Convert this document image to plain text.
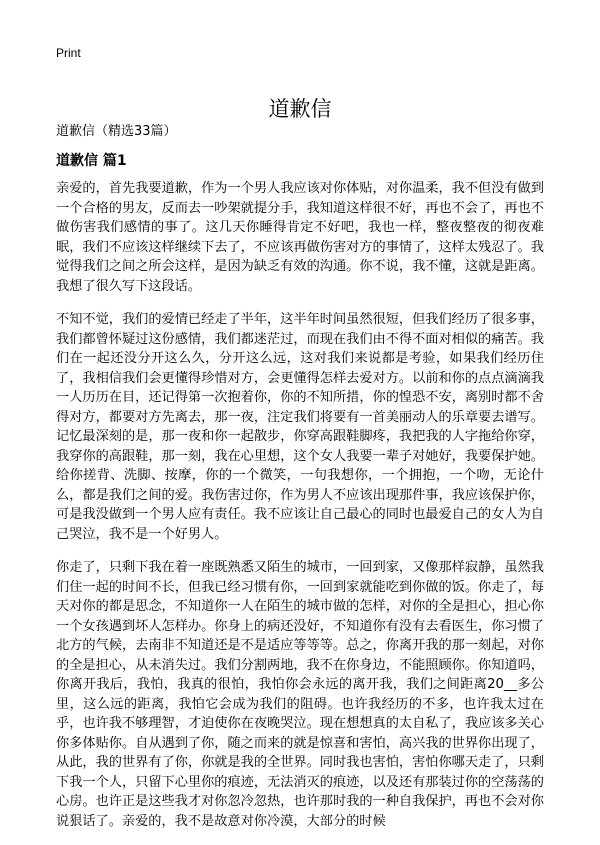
Print
道歉信
道歉信（精选33篇）
道歉信 篇1

亲爱的，首先我要道歉，作为一个男人我应该对你体贴，对你温柔，我不但没有做到一个合格的男友，反而去一吵架就提分手，我知道这样很不好，再也不会了，再也不做伤害我们感情的事了。这几天你睡得肯定不好吧，我也一样，整夜整夜的彻夜难眠，我们不应该这样继续下去了，不应该再做伤害对方的事情了，这样太残忍了。我觉得我们之间之所会这样，是因为缺乏有效的沟通。你不说，我不懂，这就是距离。我想了很久写下这段话。

不知不觉，我们的爱情已经走了半年，这半年时间虽然很短，但我们经历了很多事，我们都曾怀疑过这份感情，我们都迷茫过，而现在我们由不得不面对相似的痛苦。我们在一起还没分开这么久，分开这么远，这对我们来说都是考验，如果我们经历住了，我相信我们会更懂得珍惜对方，会更懂得怎样去爱对方。以前和你的点点滴滴我一人历历在目，还记得第一次抱着你，你的不知所措，你的惶恐不安，离别时都不舍得对方，都要对方先离去，那一夜，注定我们将要有一首美丽动人的乐章要去谱写。记忆最深刻的是，那一夜和你一起散步，你穿高跟鞋脚疼，我把我的人字拖给你穿，我穿你的高跟鞋，那一刻，我在心里想，这个女人我要一辈子对她好，我要保护她。给你搓背、洗脚、按摩，你的一个微笑，一句我想你，一个拥抱，一个吻，无论什么，都是我们之间的爱。我伤害过你，作为男人不应该出现那件事，我应该保护你，可是我没做到一个男人应有责任。我不应该让自己最心的同时也最爱自己的女人为自己哭泣，我不是一个好男人。

你走了，只剩下我在着一座既熟悉又陌生的城市，一回到家，又像那样寂静，虽然我们住一起的时间不长，但我已经习惯有你，一回到家就能吃到你做的饭。你走了，每天对你的都是思念，不知道你一人在陌生的城市做的怎样，对你的全是担心，担心你一个女孩遇到坏人怎样办。你身上的病还没好，不知道你有没有去看医生，你习惯了北方的气候，去南非不知道还是不是适应等等等。总之，你离开我的那一刻起，对你的全是担心，从未消失过。我们分割两地，我不在你身边，不能照顾你。你知道吗，你离开我后，我怕，我真的很怕，我怕你会永远的离开我，我们之间距离20__多公里，这么远的距离，我怕它会成为我们的阻碍。也许我经历的不多，也许我太过在乎，也许我不够理智，才迫使你在夜晚哭泣。现在想想真的太自私了，我应该多关心你多体贴你。自从遇到了你，随之而来的就是惊喜和害怕，高兴我的世界你出现了，从此，我的世界有了你，你就是我的全世界。同时我也害怕，害怕你哪天走了，只剩下我一个人，只留下心里你的痕迹，无法消灭的痕迹，以及还有那装过你的空荡荡的心房。也许正是这些我才对你忽冷忽热，也许那时我的一种自我保护，再也不会对你说狠话了。亲爱的，我不是故意对你冷漠，大部分的时候
